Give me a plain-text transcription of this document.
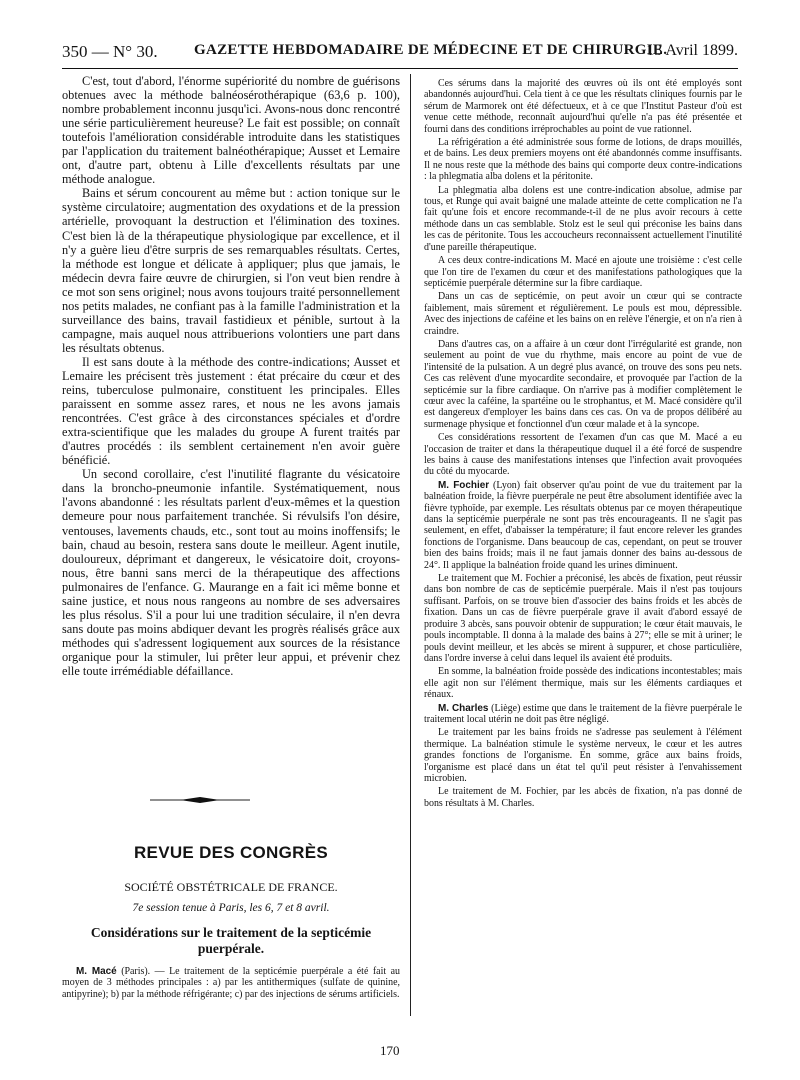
350 — N° 30. GAZETTE HEBDOMADAIRE DE MÉDECINE ET DE CHIRURGIE.
13 Avril 1899.

C'est, tout d'abord, l'énorme supériorité du nombre de guérisons obtenues avec la méthode balnéosérothérapique (63,6 p. 100), nombre probablement inconnu jusqu'ici. Avons-nous donc rencontré une série particulièrement heureuse? Le fait est possible; on connaît toutefois l'amélioration considérable introduite dans les statistiques par l'application du traitement balnéothérapique; Ausset et Lemaire ont, d'autre part, obtenu à Lille d'excellents résultats par une méthode analogue.

Bains et sérum concourent au même but : action tonique sur le système circulatoire; augmentation des oxydations et de la pression artérielle, provoquant la destruction et l'élimination des toxines. C'est bien là de la thérapeutique physiologique par excellence, et il n'y a guère lieu d'être surpris de ses remarquables résultats. Certes, la méthode est longue et délicate à appliquer; plus que jamais, le médecin devra faire œuvre de chirurgien, si l'on veut bien rendre à ce mot son sens originel; nous avons toujours traité personnellement nos petits malades, ne confiant pas à la famille l'administration et la surveillance des bains, travail fastidieux et pénible, surtout à la campagne, mais auquel nous attribuerions volontiers une part dans les résultats obtenus.

Il est sans doute à la méthode des contre-indications; Ausset et Lemaire les précisent très justement : état précaire du cœur et des reins, tuberculose pulmonaire, constituent les principales. Elles paraissent en somme assez rares, et nous ne les avons jamais rencontrées. C'est grâce à des circonstances spéciales et d'ordre extra-scientifique que les malades du groupe A furent traités par d'autres procédés : ils semblent certainement n'en avoir guère bénéficié.

Un second corollaire, c'est l'inutilité flagrante du vésicatoire dans la broncho-pneumonie infantile. Systématiquement, nous l'avons abandonné : les résultats parlent d'eux-mêmes et la question demeure pour nous parfaitement tranchée. Si révulsifs l'on désire, ventouses, lavements chauds, etc., sont tout au moins inoffensifs; le bain, chaud au besoin, restera sans doute le meilleur. Agent inutile, douloureux, déprimant et dangereux, le vésicatoire doit, croyons-nous, être banni sans merci de la thérapeutique des affections pulmonaires de l'enfance. G. Maurange en a fait ici même bonne et saine justice, et nous nous rangeons au nombre de ses adversaires les plus résolus. S'il a pour lui une tradition séculaire, il n'en devra sans doute pas moins abdiquer devant les progrès réalisés grâce aux méthodes qui s'adressent logiquement aux sources de la résistance organique pour la stimuler, lui prêter leur appui, et prévenir chez elle toute irrémédiable défaillance.

REVUE DES CONGRÈS
SOCIÉTÉ OBSTÉTRICALE DE FRANCE.
7e session tenue à Paris, les 6, 7 et 8 avril.
Considérations sur le traitement de la septicémie puerpérale.

M. Macé (Paris). — Le traitement de la septicémie puerpérale a été fait au moyen de 3 méthodes principales : a) par les antithermiques (sulfate de quinine, antipyrine); b) par la méthode réfrigérante; c) par des injections de sérums artificiels.

Ces sérums dans la majorité des œuvres où ils ont été employés sont abandonnés aujourd'hui. Cela tient à ce que les résultats cliniques fournis par le sérum de Marmorek ont été défectueux, et à ce que l'Institut Pasteur d'où est venue cette méthode, reconnaît aujourd'hui qu'elle n'a pas été présentée et fourni dans des conditions irréprochables au point de vue rationnel.

La réfrigération a été administrée sous forme de lotions, de draps mouillés, et de bains. Les deux premiers moyens ont été abandonnés comme insuffisants. Il ne nous reste que la méthode des bains qui comporte deux contre-indications : la phlegmatia alba dolens et la péritonite.

La phlegmatia alba dolens est une contre-indication absolue, admise par tous, et Runge qui avait baigné une malade atteinte de cette complication ne l'a fait qu'une fois et encore recommande-t-il de ne plus avoir recours à cette méthode dans un cas semblable. Stolz est le seul qui préconise les bains dans les cas de péritonite. Tous les accoucheurs reconnaissent actuellement l'inutilité d'une pareille thérapeutique.

A ces deux contre-indications M. Macé en ajoute une troisième : c'est celle que l'on tire de l'examen du cœur et des manifestations pathologiques que la septicémie puerpérale détermine sur la fibre cardiaque.

Dans un cas de septicémie, on peut avoir un cœur qui se contracte faiblement, mais sûrement et régulièrement. Le pouls est mou, dépressible. Avec des injections de caféine et les bains on en relève l'énergie, et on n'a rien à craindre.

Dans d'autres cas, on a affaire à un cœur dont l'irrégularité est grande, non seulement au point de vue du rhythme, mais encore au point de vue de l'intensité de la pulsation. A un degré plus avancé, on trouve des sons peu nets. Ces cas relèvent d'une myocardite secondaire, et provoquée par l'action de la septicémie sur la fibre cardiaque. On n'arrive pas à modifier complètement le cœur avec la caféine, la spartéine ou le strophantus, et M. Macé considère qu'il est dangereux d'employer les bains dans ces cas. On va de propos délibéré au surmenage physique et fonctionnel d'un cœur malade et à la syncope.

Ces considérations ressortent de l'examen d'un cas que M. Macé a eu l'occasion de traiter et dans la thérapeutique duquel il a été forcé de suspendre les bains à cause des manifestations intenses que l'infection avait provoquées du côté du myocarde.

M. Fochier (Lyon) fait observer qu'au point de vue du traitement par la balnéation froide, la fièvre puerpérale ne peut être absolument identifiée avec la fièvre typhoïde, par exemple. Les résultats obtenus par ce moyen thérapeutique dans la septicémie puerpérale ne sont pas très encourageants. Il ne s'agit pas seulement, en effet, d'abaisser la température; il faut encore relever les grandes fonctions de l'organisme. Dans beaucoup de cas, cependant, on peut se trouver bien des bains froids; mais il ne faut jamais donner des bains au-dessous de 24°. Il applique la balnéation froide quand les urines diminuent.

Le traitement que M. Fochier a préconisé, les abcès de fixation, peut réussir dans bon nombre de cas de septicémie puerpérale. Mais il n'est pas toujours suffisant. Parfois, on se trouve bien d'associer des bains froids et les abcès de fixation. Dans un cas de fièvre puerpérale grave il avait d'abord essayé de produire 3 abcès, sans pouvoir obtenir de suppuration; le cœur était mauvais, le pouls incomptable. Il donna à la malade des bains à 27°; elle se mit à uriner; le pouls devint meilleur, et les abcès se mirent à suppurer, et chose particulière, dans l'ordre inverse à celui dans lequel ils avaient été produits.

En somme, la balnéation froide possède des indications incontestables; mais elle agit non sur l'élément thermique, mais sur les éléments cardiaques et rénaux.

M. Charles (Liège) estime que dans le traitement de la fièvre puerpérale le traitement local utérin ne doit pas être négligé.

Le traitement par les bains froids ne s'adresse pas seulement à l'élément thermique. La balnéation stimule le système nerveux, le cœur et les autres grandes fonctions de l'organisme. En somme, grâce aux bains froids, l'organisme est placé dans un état tel qu'il peut résister à l'envahissement microbien.

Le traitement de M. Fochier, par les abcès de fixation, n'a pas donné de bons résultats à M. Charles.

170
